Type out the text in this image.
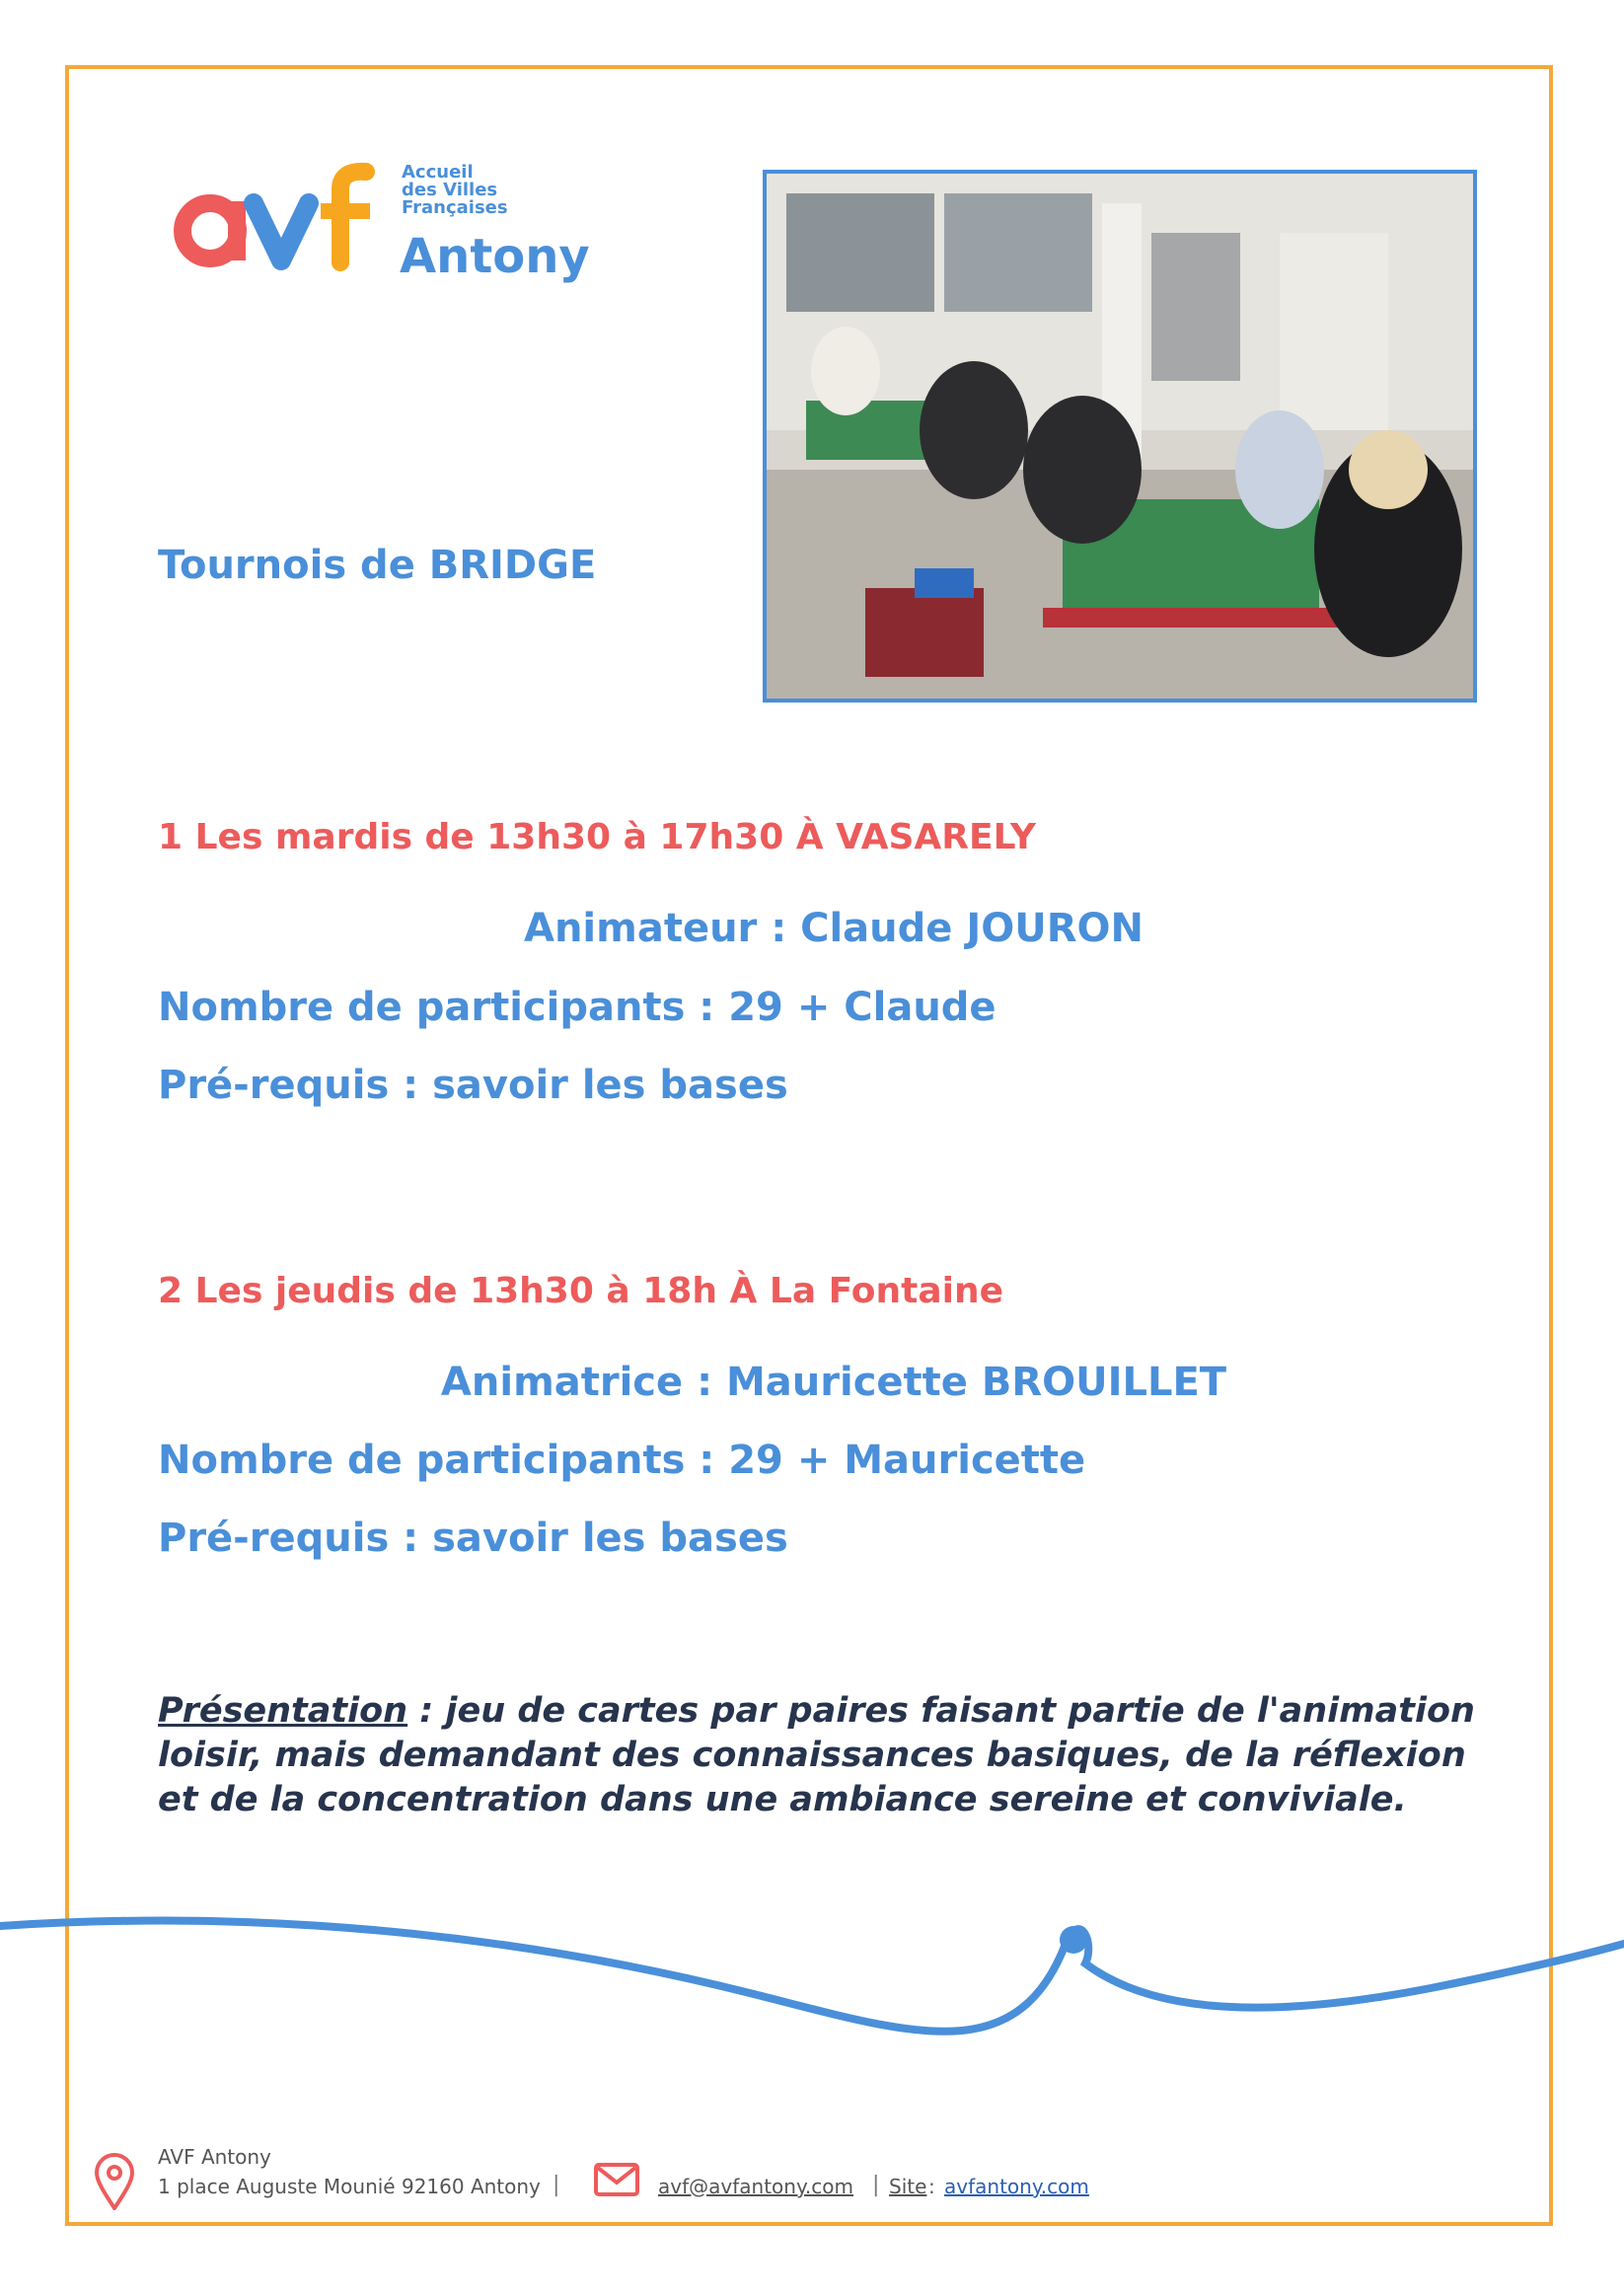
Accueil
des Villes
Françaises
Antony
Tournois de BRIDGE
1 Les mardis de 13h30 à 17h30 À VASARELY
Animateur : Claude JOURON
Nombre de participants : 29 + Claude
Pré-requis : savoir les bases
2 Les jeudis de 13h30 à 18h À La Fontaine
Animatrice : Mauricette BROUILLET
Nombre de participants : 29 + Mauricette
Pré-requis : savoir les bases
Présentation : jeu de cartes par paires faisant partie de l'animation loisir, mais demandant des connaissances basiques, de la réflexion et de la concentration dans une ambiance sereine et conviviale.
AVF Antony
1 place Auguste Mounié 92160 Antony |	avf@avfantony.com | Site : avfantony.com
